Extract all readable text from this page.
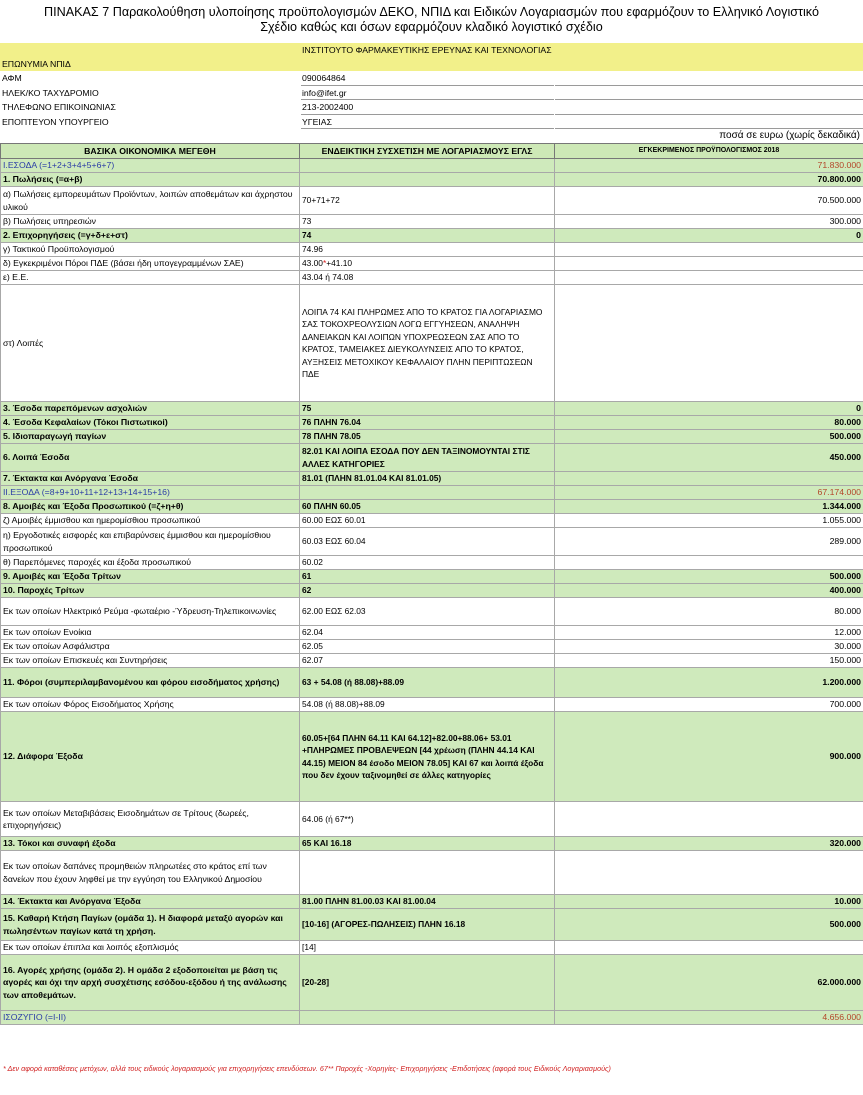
ΠΙΝΑΚΑΣ 7 Παρακολούθηση υλοποίησης προϋπολογισμών ΔΕΚΟ, ΝΠΙΔ και Ειδικών Λογαριασμών που εφαρμόζουν το Ελληνικό Λογιστικό
Σχέδιο καθώς και όσων εφαρμόζουν κλαδικό λογιστικό σχέδιο
ΕΠΩΝΥΜΙΑ ΝΠΙΔ
ΙΝΣΤΙΤΟΥΤΟ ΦΑΡΜΑΚΕΥΤΙΚΗΣ ΕΡΕΥΝΑΣ ΚΑΙ ΤΕΧΝΟΛΟΓΙΑΣ
ΑΦΜ	090064864
ΗΛΕΚ/ΚΟ ΤΑΧΥΔΡΟΜΙΟ	info@ifet.gr
ΤΗΛΕΦΩΝΟ ΕΠΙΚΟΙΝΩΝΙΑΣ	213-2002400
ΕΠΟΠΤΕΥΟΝ ΥΠΟΥΡΓΕΙΟ	ΥΓΕΙΑΣ
ποσά σε ευρω (χωρίς δεκαδικά)
ΒΑΣΙΚΑ ΟΙΚΟΝΟΜΙΚΑ ΜΕΓΕΘΗ	ΕΝΔΕΙΚΤΙΚΗ ΣΥΣΧΕΤΙΣΗ ΜΕ ΛΟΓΑΡΙΑΣΜΟΥΣ ΕΓΛΣ	ΕΓΚΕΚΡΙΜΕΝΟΣ ΠΡΟΫΠΟΛΟΓΙΣΜΟΣ 2018
Ι.ΕΣΟΔΑ (=1+2+3+4+5+6+7)		71.830.000
1. Πωλήσεις (=α+β)		70.800.000
α) Πωλήσεις εμπορευμάτων Προϊόντων, λοιπών αποθεμάτων και άχρηστου υλικού	70+71+72	70.500.000
β) Πωλήσεις υπηρεσιών	73	300.000
2. Επιχορηγήσεις (=γ+δ+ε+στ)	74	0
γ) Τακτικού Προϋπολογισμού	74.96	
δ) Εγκεκριμένοι Πόροι ΠΔΕ (βάσει ήδη υπογεγραμμένων ΣΑΕ)	43.00*+41.10	
ε) Ε.Ε.	43.04 ή 74.08	
στ) Λοιπές	ΛΟΙΠΑ 74 ΚΑΙ ΠΛΗΡΩΜΕΣ ΑΠΟ ΤΟ ΚΡΑΤΟΣ ΓΙΑ ΛΟΓΑΡΙΑΣΜΟ ΣΑΣ ΤΟΚΟΧΡΕΟΛΥΣΙΩΝ ΛΟΓΩ ΕΓΓΥΗΣΕΩΝ, ΑΝΑΛΗΨΗ ΔΑΝΕΙΑΚΩΝ ΚΑΙ ΛΟΙΠΩΝ ΥΠΟΧΡΕΩΣΕΩΝ ΣΑΣ ΑΠΟ ΤΟ ΚΡΑΤΟΣ, ΤΑΜΕΙΑΚΕΣ ΔΙΕΥΚΟΛΥΝΣΕΙΣ ΑΠΟ ΤΟ ΚΡΑΤΟΣ, ΑΥΞΗΣΕΙΣ ΜΕΤΟΧΙΚΟΥ ΚΕΦΑΛΑΙΟΥ ΠΛΗΝ ΠΕΡΙΠΤΩΣΕΩΝ ΠΔΕ	
3. Έσοδα παρεπόμενων ασχολιών	75	0
4. Έσοδα Κεφαλαίων (Τόκοι Πιστωτικοί)	76 ΠΛΗΝ 76.04	80.000
5. Ιδιοπαραγωγή παγίων	78 ΠΛΗΝ 78.05	500.000
6. Λοιπά Έσοδα	82.01 ΚΑΙ ΛΟΙΠΑ ΕΣΟΔΑ ΠΟΥ ΔΕΝ ΤΑΞΙΝΟΜΟΥΝΤΑΙ ΣΤΙΣ ΑΛΛΕΣ ΚΑΤΗΓΟΡΙΕΣ	450.000
7. Έκτακτα και Ανόργανα Έσοδα	81.01 (ΠΛΗΝ 81.01.04 ΚΑΙ 81.01.05)	
ΙΙ.ΕΞΟΔΑ (=8+9+10+11+12+13+14+15+16)		67.174.000
8. Αμοιβές και Έξοδα Προσωπικού (=ζ+η+θ)	60 ΠΛΗΝ 60.05	1.344.000
ζ) Αμοιβές έμμισθου και ημερομίσθιου προσωπικού	60.00 ΕΩΣ 60.01	1.055.000
η) Εργοδοτικές εισφορές και επιβαρύνσεις έμμισθου και ημερομίσθιου προσωπικού	60.03 ΕΩΣ 60.04	289.000
θ) Παρεπόμενες παροχές και έξοδα προσωπικού	60.02	
9. Αμοιβές και Έξοδα Τρίτων	61	500.000
10. Παροχές Τρίτων	62	400.000
Εκ των οποίων Ηλεκτρικό Ρεύμα -φωταέριο -Ύδρευση-Τηλεπικοινωνίες	62.00 ΕΩΣ 62.03	80.000
Εκ των οποίων Ενοίκια	62.04	12.000
Εκ των οποίων Ασφάλιστρα	62.05	30.000
Εκ των οποίων Επισκευές και Συντηρήσεις	62.07	150.000
11. Φόροι (συμπεριλαμβανομένου και φόρου εισοδήματος χρήσης)	63 + 54.08 (ή 88.08)+88.09	1.200.000
Εκ των οποίων Φόρος Εισοδήματος Χρήσης	54.08 (ή 88.08)+88.09	700.000
12. Διάφορα Έξοδα	60.05+[64 ΠΛΗΝ 64.11 ΚΑΙ 64.12]+82.00+88.06+ 53.01 +ΠΛΗΡΩΜΕΣ ΠΡΟΒΛΕΨΕΩΝ [44 χρέωση (ΠΛΗΝ 44.14 ΚΑΙ 44.15) ΜΕΙΟΝ 84 έσοδο ΜΕΙΟΝ 78.05] ΚΑΙ 67 και λοιπά έξοδα που δεν έχουν ταξινομηθεί σε άλλες κατηγορίες	900.000
Εκ των οποίων Μεταβιβάσεις Εισοδημάτων σε Τρίτους (δωρεές, επιχορηγήσεις)	64.06 (ή 67**)	
13. Τόκοι και συναφή έξοδα	65 ΚΑΙ 16.18	320.000
Εκ των οποίων δαπάνες προμηθειών πληρωτέες στο κράτος επί των δανείων που έχουν ληφθεί με την εγγύηση του Ελληνικού Δημοσίου		
14. Έκτακτα και Ανόργανα Έξοδα	81.00 ΠΛΗΝ 81.00.03 ΚΑΙ 81.00.04	10.000
15. Καθαρή Κτήση Παγίων (ομάδα 1). Η διαφορά μεταξύ αγορών και πωλησέντων παγίων κατά τη χρήση.	[10-16] (ΑΓΟΡΕΣ-ΠΩΛΗΣΕΙΣ) ΠΛΗΝ 16.18	500.000
Εκ των οποίων έπιπλα και λοιπός εξοπλισμός	[14]	
16. Αγορές χρήσης (ομάδα 2). Η ομάδα 2 εξοδοποιείται με βάση τις αγορές και όχι την αρχή συσχέτισης εσόδου-εξόδου ή της ανάλωσης των αποθεμάτων.	[20-28]	62.000.000
ΙΣΟΖΥΓΙΟ (=Ι-ΙΙ)		4.656.000
* Δεν αφορά καταθέσεις μετόχων, αλλά τους ειδικούς λογαριασμούς για επιχορηγήσεις επενδύσεων. 67** Παροχές -Χορηγίες- Επιχορηγήσεις -Επιδοτήσεις (αφορά τους Ειδικούς Λογαριασμούς)
